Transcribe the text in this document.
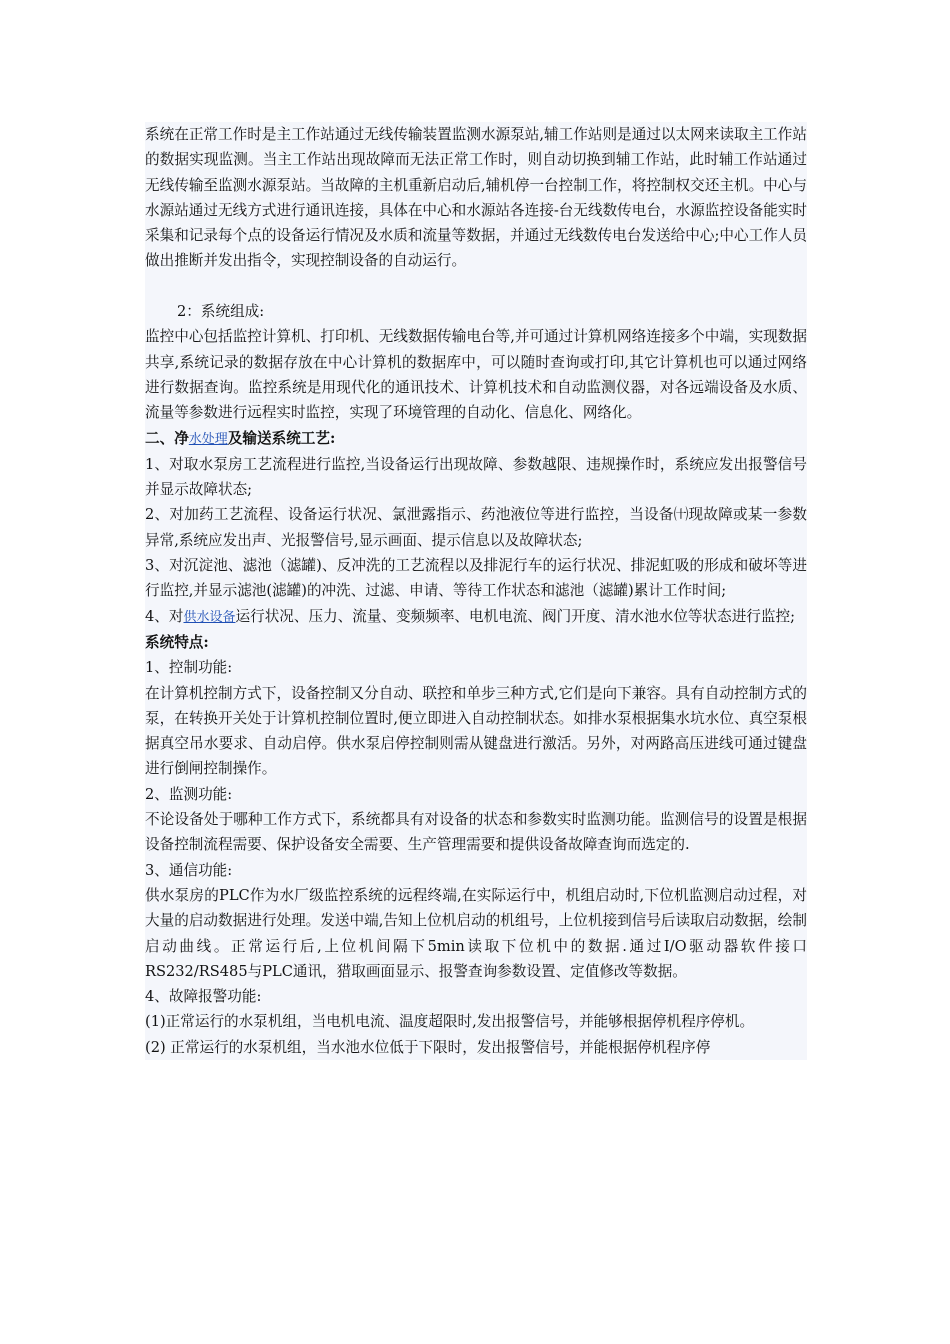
系统在正常工作时是主工作站通过无线传输装置监测水源泵站,辅工作站则是通过以太网来读取主工作站的数据实现监测。当主工作站出现故障而无法正常工作时，则自动切换到辅工作站，此时辅工作站通过无线传输至监测水源泵站。当故障的主机重新启动后,辅机停一台控制工作，将控制权交还主机。中心与水源站通过无线方式进行通讯连接，具体在中心和水源站各连接-台无线数传电台，水源监控设备能实时采集和记录每个点的设备运行情况及水质和流量等数据，并通过无线数传电台发送给中心;中心工作人员做出推断并发出指令，实现控制设备的自动运行。

2：系统组成:

监控中心包括监控计算机、打印机、无线数据传输电台等,并可通过计算机网络连接多个中端，实现数据共享,系统记录的数据存放在中心计算机的数据库中，可以随时查询或打印,其它计算机也可以通过网络进行数据查询。监控系统是用现代化的通讯技术、计算机技术和自动监测仪器，对各远端设备及水质、流量等参数进行远程实时监控，实现了环境管理的自动化、信息化、网络化。

二、净水处理及输送系统工艺:

1、对取水泵房工艺流程进行监控,当设备运行出现故障、参数越限、违规操作时，系统应发出报警信号并显示故障状态;

2、对加药工艺流程、设备运行状况、氯泄露指示、药池液位等进行监控，当设备㈩现故障或某一参数异常,系统应发出声、光报警信号,显示画面、提示信息以及故障状态;

3、对沉淀池、滤池（滤罐)、反冲洗的工艺流程以及排泥行车的运行状况、排泥虹吸的形成和破坏等进行监控,并显示滤池(滤罐)的冲洗、过滤、申请、等待工作状态和滤池（滤罐)累计工作时间;

4、对供水设备运行状况、压力、流量、变频频率、电机电流、阀门开度、清水池水位等状态进行监控;

系统特点:

1、控制功能:

在计算机控制方式下，设备控制又分自动、联控和单步三种方式,它们是向下兼容。具有自动控制方式的泵，在转换开关处于计算机控制位置时,便立即进入自动控制状态。如排水泵根据集水坑水位、真空泵根据真空吊水要求、自动启停。供水泵启停控制则需从键盘进行激活。另外，对两路高压进线可通过键盘进行倒闸控制操作。

2、监测功能:

不论设备处于哪种工作方式下，系统都具有对设备的状态和参数实时监测功能。监测信号的设置是根据设备控制流程需要、保护设备安全需要、生产管理需要和提供设备故障查询而选定的.

3、通信功能:

供水泵房的PLC作为水厂级监控系统的远程终端,在实际运行中，机组启动时,下位机监测启动过程，对大量的启动数据进行处理。发送中端,告知上位机启动的机组号，上位机接到信号后读取启动数据，绘制启动曲线。正常运行后,上位机间隔下5min读取下位机中的数据.通过I/O驱动器软件接口RS232/RS485与PLC通讯，猎取画面显示、报警查询参数设置、定值修改等数据。

4、故障报警功能:

(1)正常运行的水泵机组，当电机电流、温度超限时,发出报警信号，并能够根据停机程序停机。

(2) 正常运行的水泵机组，当水池水位低于下限时，发出报警信号，并能根据停机程序停
